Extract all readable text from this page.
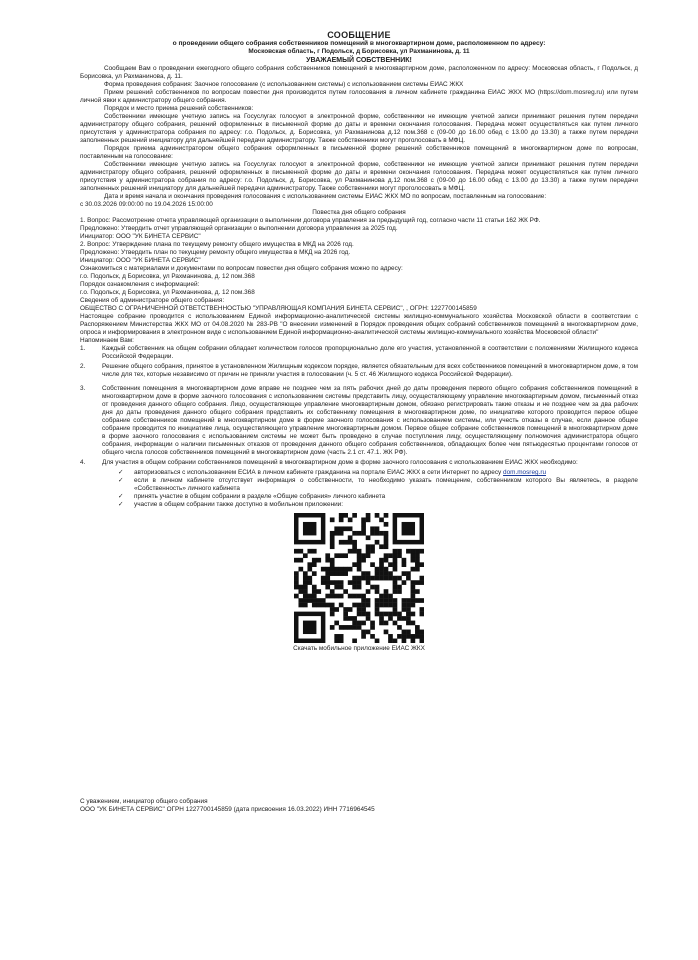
СООБЩЕНИЕ

о проведении общего собрания собственников помещений в многоквартирном доме, расположенном по адресу:

Московская область, г Подольск, д Борисовка, ул Рахманинова, д. 11

УВАЖАЕМЫЙ СОБСТВЕННИК!

Сообщаем Вам о проведении ежегодного общего собрания собственников помещений в многоквартирном доме, расположенном по адресу: Московская область, г Подольск, д Борисовка, ул Рахманинова, д. 11.

Форма проведения собрания: Заочное голосование (с использованием системы) с использованием системы ЕИАС ЖКХ

Прием решений собственников по вопросам повестки дня производится путем голосования в личном кабинете гражданина ЕИАС ЖКХ МО (https://dom.mosreg.ru) или путем личной явки к администратору общего собрания.

Порядок и место приема решений собственников:

Собственники имеющие учетную запись на Госуслугах голосуют в электронной форме, собственники не имеющие учетной записи принимают решения путем передачи администратору общего собрания, решений оформленных в письменной форме до даты и времени окончания голосования. Передача может осуществляться как путем личного присутствия у администратора собрания по адресу: г.о. Подольск, д. Борисовка, ул Рахманинова д.12 пом.368 с (09-00 до 16.00 обед с 13.00 до 13.30) а также путем передачи заполненных решений инициатору для дальнейшей передачи администратору. Также собственники могут проголосовать в МФЦ.

Порядок приема администратором общего собрания оформленных в письменной форме решений собственников помещений в многоквартирном доме по вопросам, поставленным на голосование:

Собственники имеющие учетную запись на Госуслугах голосуют в электронной форме, собственники не имеющие учетной записи принимают решения путем передачи администратору общего собрания, решений оформленных в письменной форме до даты и времени окончания голосования. Передача может осуществляться как путем личного присутствия у администратора собрания по адресу: г.о. Подольск, д. Борисовка, ул Рахманинова д.12 пом.368 с (09-00 до 16.00 обед с 13.00 до 13.30) а также путем передачи заполненных решений инициатору для дальнейшей передачи администратору. Также собственники могут проголосовать в МФЦ.

Дата и время начала и окончания проведения голосования с использованием системы ЕИАС ЖКХ МО по вопросам, поставленным на голосование:

с 30.03.2026 09:00:00 по 19.04.2026 15:00:00

Повестка дня общего собрания

1. Вопрос: Рассмотрение отчета управляющей организации о выполнении договора управления за предыдущий год, согласно части 11 статьи 162 ЖК РФ.

Предложено: Утвердить отчет управляющей организации о выполнении договора управления за 2025 год.

Инициатор: ООО "УК БИНЕТА СЕРВИС"

2. Вопрос: Утверждение плана по текущему ремонту общего имущества в МКД на 2026 год.

Предложено: Утвердить план по текущему ремонту общего имущества в МКД на 2026 год.

Инициатор: ООО "УК БИНЕТА СЕРВИС"

Ознакомиться с материалами и документами по вопросам повестки дня общего собрания можно по адресу:

г.о. Подольск, д Борисовка, ул Рахманинова, д. 12 пом.368

Порядок ознакомления с информацией:

г.о. Подольск, д Борисовка, ул Рахманинова, д. 12 пом.368

Сведения об администраторе общего собрания:

ОБЩЕСТВО С ОГРАНИЧЕННОЙ ОТВЕТСТВЕННОСТЬЮ "УПРАВЛЯЮЩАЯ КОМПАНИЯ БИНЕТА СЕРВИС", , ОГРН: 1227700145859

Настоящее собрание проводится с использованием Единой информационно-аналитической системы жилищно-коммунального хозяйства Московской области в соответствии с Распоряжением Министерства ЖКХ МО от 04.08.2020 № 283-РВ "О внесении изменений в Порядок проведения общих собраний собственников помещений в многоквартирном доме, опроса и информирования в электронном виде с использованием Единой информационно-аналитической системы жилищно-коммунального хозяйства Московской области"

Напоминаем Вам:

1.	Каждый собственник на общем собрании обладает количеством голосов пропорционально доле его участия, установленной в соответствии с положениями Жилищного кодекса Российской Федерации.
2.	Решение общего собрания, принятое в установленном Жилищным кодексом порядке, является обязательным для всех собственников помещений в многоквартирном доме, в том числе для тех, которые независимо от причин не приняли участия в голосовании (ч. 5 ст. 46 Жилищного кодекса Российской Федерации).
3.	Собственник помещения в многоквартирном доме вправе не позднее чем за пять рабочих дней до даты проведения первого общего собрания собственников помещений в многоквартирном доме в форме заочного голосования с использованием системы представить лицу, осуществляющему управление многоквартирным домом, письменный отказ от проведения данного общего собрания. Лицо, осуществляющее управление многоквартирным домом, обязано регистрировать такие отказы и не позднее чем за два рабочих дня до даты проведения данного общего собрания представить их собственнику помещения в многоквартирном доме, по инициативе которого проводится первое общее собрание собственников помещений в многоквартирном доме в форме заочного голосования с использованием системы, или учесть отказы в случае, если данное общее собрание проводится по инициативе лица, осуществляющего управление многоквартирным домом. Первое общее собрание собственников помещений в многоквартирном доме в форме заочного голосования с использованием системы не может быть проведено в случае поступления лицу, осуществляющему полномочия администратора общего собрания, информации о наличии письменных отказов от проведения данного общего собрания собственников, обладающих более чем пятьюдесятью процентами голосов от общего числа голосов собственников помещений в многоквартирном доме (часть 2.1 ст. 47.1. ЖК РФ).
4.	Для участия в общем собрании собственников помещений в многоквартирном доме в форме заочного голосования с использованием ЕИАС ЖКХ необходимо:
✓ авторизоваться с использованием ЕСИА в личном кабинете гражданина на портале ЕИАС ЖКХ в сети Интернет по адресу dom.mosreg.ru
✓ если в личном кабинете отсутствует информация о собственности, то необходимо указать помещение, собственником которого Вы являетесь, в разделе «Собственность» личного кабинета
✓ принять участие в общем собрании в разделе «Общие собрания» личного кабинета
✓ участие в общем собрании также доступно в мобильном приложении:

Скачать мобильное приложение ЕИАС ЖКХ

С уважением, инициатор общего собрания
ООО "УК БИНЕТА СЕРВИС" ОГРН 1227700145859 (дата присвоения 16.03.2022) ИНН 7716964545
